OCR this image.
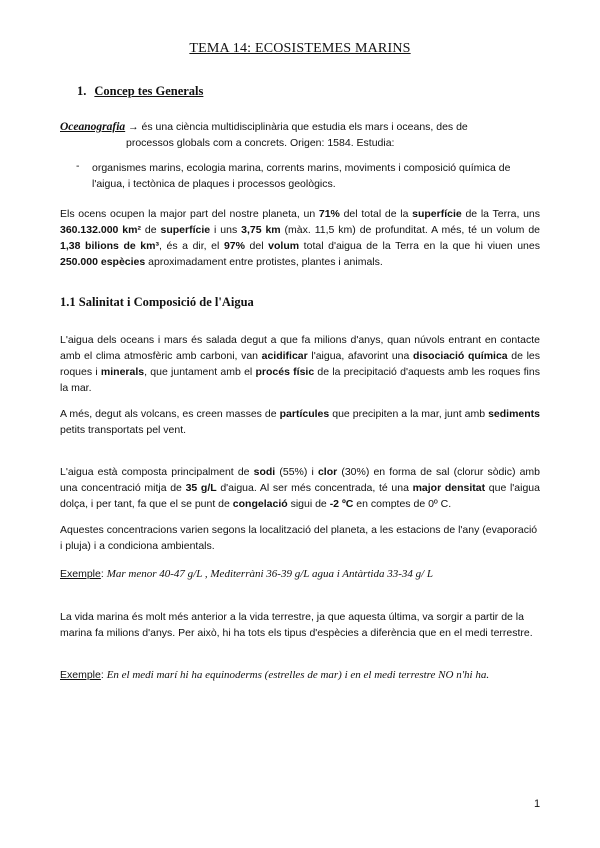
TEMA 14: ECOSISTEMES MARINS
1. Concep tes Generals
Oceanografia → és una ciència multidisciplinària que estudia els mars i oceans, des de
processos globals com a concrets. Origen: 1584. Estudia:
- organismes marins, ecologia marina, corrents marins, moviments i composició química de
l'aigua, i tectònica de plaques i processos geològics.
Els ocens ocupen la major part del nostre planeta, un 71% del total de la superfície de la Terra, uns 360.132.000 km² de superfície i uns 3,75 km (màx. 11,5 km) de profunditat. A més, té un volum de 1,38 bilions de km³, és a dir, el 97% del volum total d'aigua de la Terra en la que hi viuen unes 250.000 espècies aproximadament entre protistes, plantes i animals.
1.1 Salinitat i Composició de l'Aigua
L'aigua dels oceans i mars és salada degut a que fa milions d'anys, quan núvols entrant en contacte amb el clima atmosfèric amb carboni, van acidificar l'aigua, afavorint una disociació química de les roques i minerals, que juntament amb el procés físic de la precipitació d'aquests amb les roques fins la mar.
A més, degut als volcans, es creen masses de partícules que precipiten a la mar, junt amb sediments petits transportats pel vent.
L'aigua està composta principalment de sodi (55%) i clor (30%) en forma de sal (clorur sòdic) amb una concentració mitja de 35 g/L d'aigua. Al ser més concentrada, té una major densitat que l'aigua dolça, i per tant, fa que el se punt de congelació sigui de -2 ºC en comptes de 0º C.
Aquestes concentracions varien segons la localització del planeta, a les estacions de l'any (evaporació i pluja) i a condiciona ambientals.
Exemple: Mar menor 40-47 g/L , Mediterràni 36-39 g/L agua i Antàrtida 33-34 g/ L
La vida marina és molt més anterior a la vida terrestre, ja que aquesta última, va sorgir a partir de la marina fa milions d'anys. Per això, hi ha tots els tipus d'espècies a diferència que en el medi terrestre.
Exemple: En el medi marí hi ha equinoderms (estrelles de mar) i en el medi terrestre NO n'hi ha.
1
